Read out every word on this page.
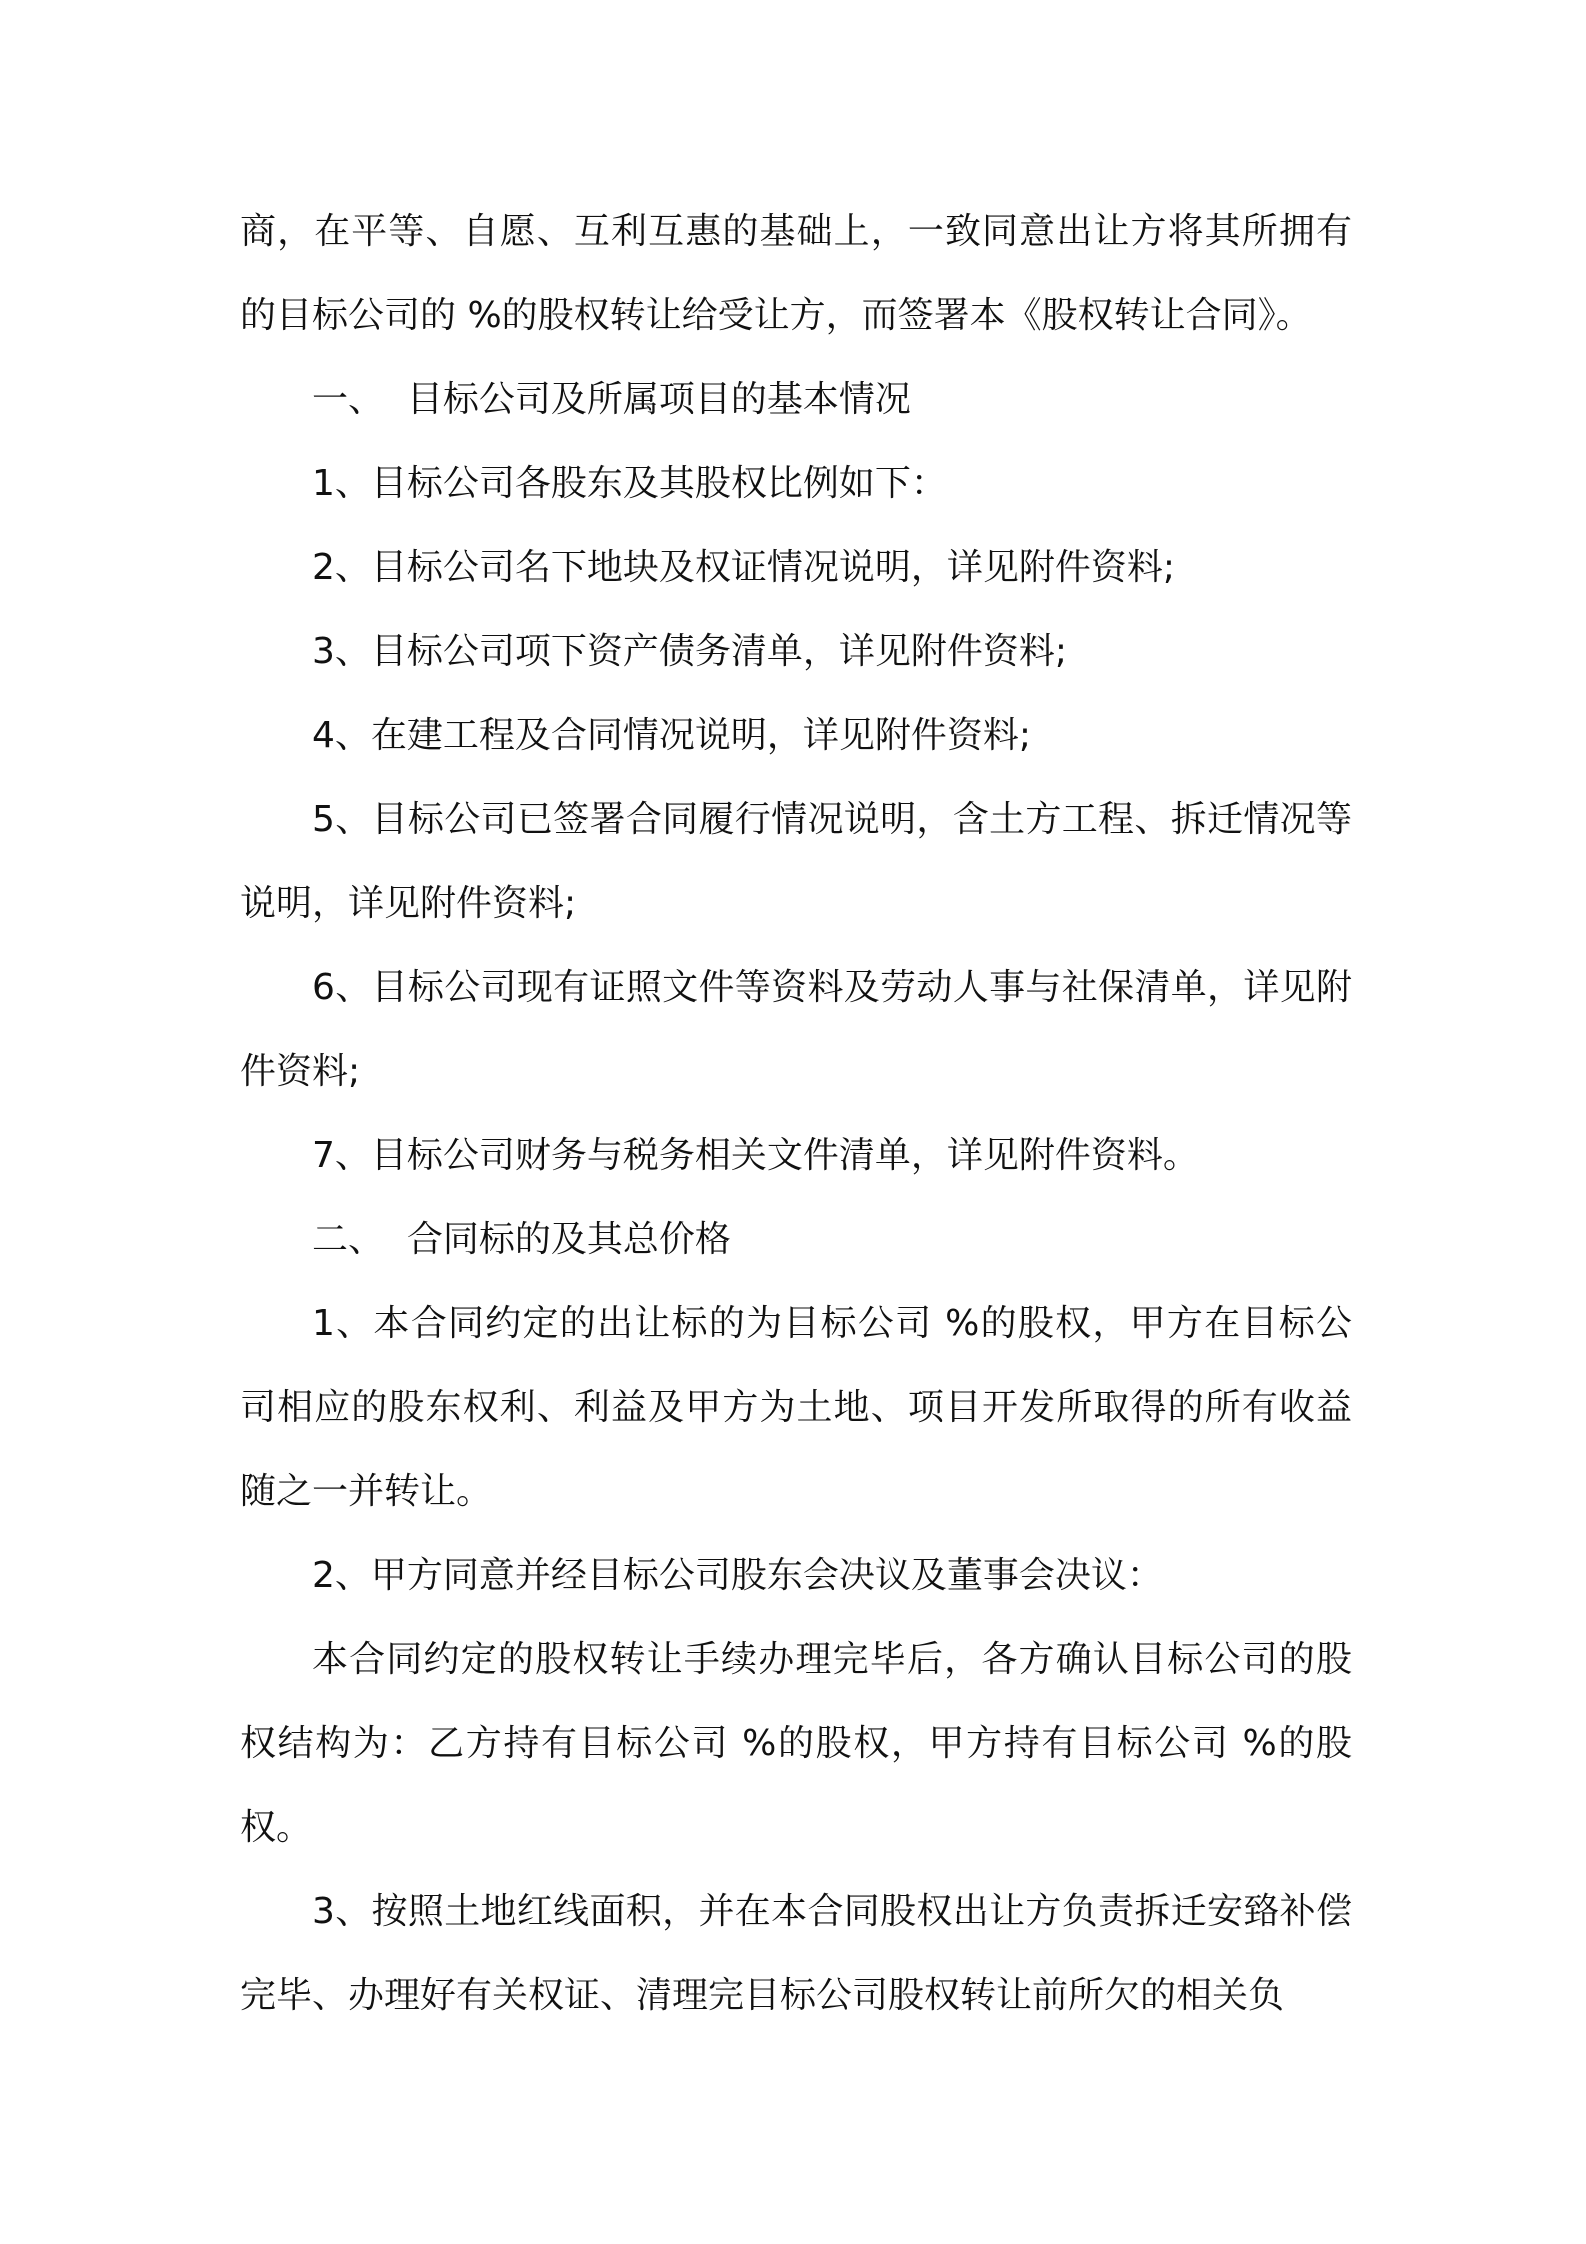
商，在平等、自愿、互利互惠的基础上，一致同意出让方将其所拥有的目标公司的 %的股权转让给受让方，而签署本《股权转让合同》。

一、  目标公司及所属项目的基本情况

1、目标公司各股东及其股权比例如下：

2、目标公司名下地块及权证情况说明，详见附件资料;

3、目标公司项下资产债务清单，详见附件资料;

4、在建工程及合同情况说明，详见附件资料;

5、目标公司已签署合同履行情况说明，含土方工程、拆迁情况等说明，详见附件资料;

6、目标公司现有证照文件等资料及劳动人事与社保清单，详见附件资料;

7、目标公司财务与税务相关文件清单，详见附件资料。

二、  合同标的及其总价格

1、本合同约定的出让标的为目标公司 %的股权，甲方在目标公司相应的股东权利、利益及甲方为土地、项目开发所取得的所有收益随之一并转让。

2、甲方同意并经目标公司股东会决议及董事会决议：

本合同约定的股权转让手续办理完毕后，各方确认目标公司的股权结构为：乙方持有目标公司 %的股权，甲方持有目标公司 %的股权。

3、按照土地红线面积，并在本合同股权出让方负责拆迁安臵补偿完毕、办理好有关权证、清理完目标公司股权转让前所欠的相关负
